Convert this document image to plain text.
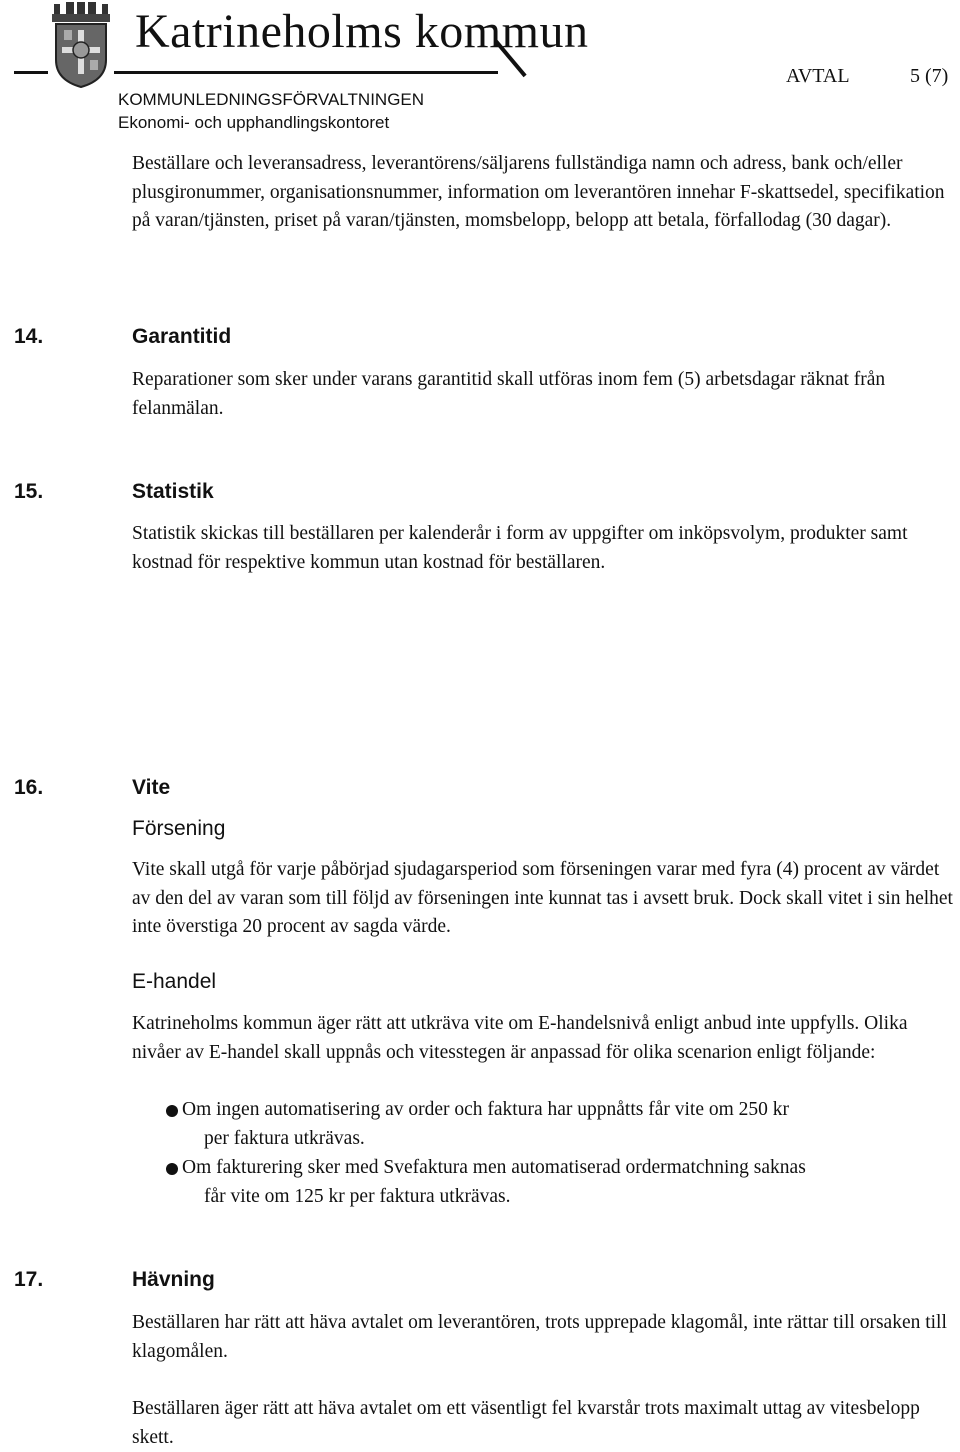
Katrineholms kommun
AVTAL	5 (7)
KOMMUNLEDNINGSFÖRVALTNINGEN
Ekonomi- och upphandlingskontoret
Beställare och leveransadress, leverantörens/säljarens fullständiga namn och adress, bank och/eller plusgironummer, organisationsnummer, information om leverantören innehar F-skattsedel, specifikation på varan/tjänsten, priset på varan/tjänsten, momsbelopp, belopp att betala, förfallodag (30 dagar).
14.	Garantitid
Reparationer som sker under varans garantitid skall utföras inom fem (5) arbetsdagar räknat från felanmälan.
15.	Statistik
Statistik skickas till beställaren per kalenderår i form av uppgifter om inköpsvolym, produkter samt kostnad för respektive kommun utan kostnad för beställaren.
16.	Vite
Försening
Vite skall utgå för varje påbörjad sjudagarsperiod som förseningen varar med fyra (4) procent av värdet av den del av varan som till följd av förseningen inte kunnat tas i avsett bruk. Dock skall vitet i sin helhet inte överstiga 20 procent av sagda värde.
E-handel
Katrineholms kommun äger rätt att utkräva vite om E-handelsnivå enligt anbud inte uppfylls. Olika nivåer av E-handel skall uppnås och vitesstegen är anpassad för olika scenarion enligt följande:
Om ingen automatisering av order och faktura har uppnåtts får vite om 250 kr
per faktura utkrävas.
Om fakturering sker med Svefaktura men automatiserad ordermatchning saknas
får vite om 125 kr per faktura utkrävas.
17.	Hävning
Beställaren har rätt att häva avtalet om leverantören, trots upprepade klagomål, inte rättar till orsaken till klagomålen.
Beställaren äger rätt att häva avtalet om ett väsentligt fel kvarstår trots maximalt uttag av vitesbelopp skett.
